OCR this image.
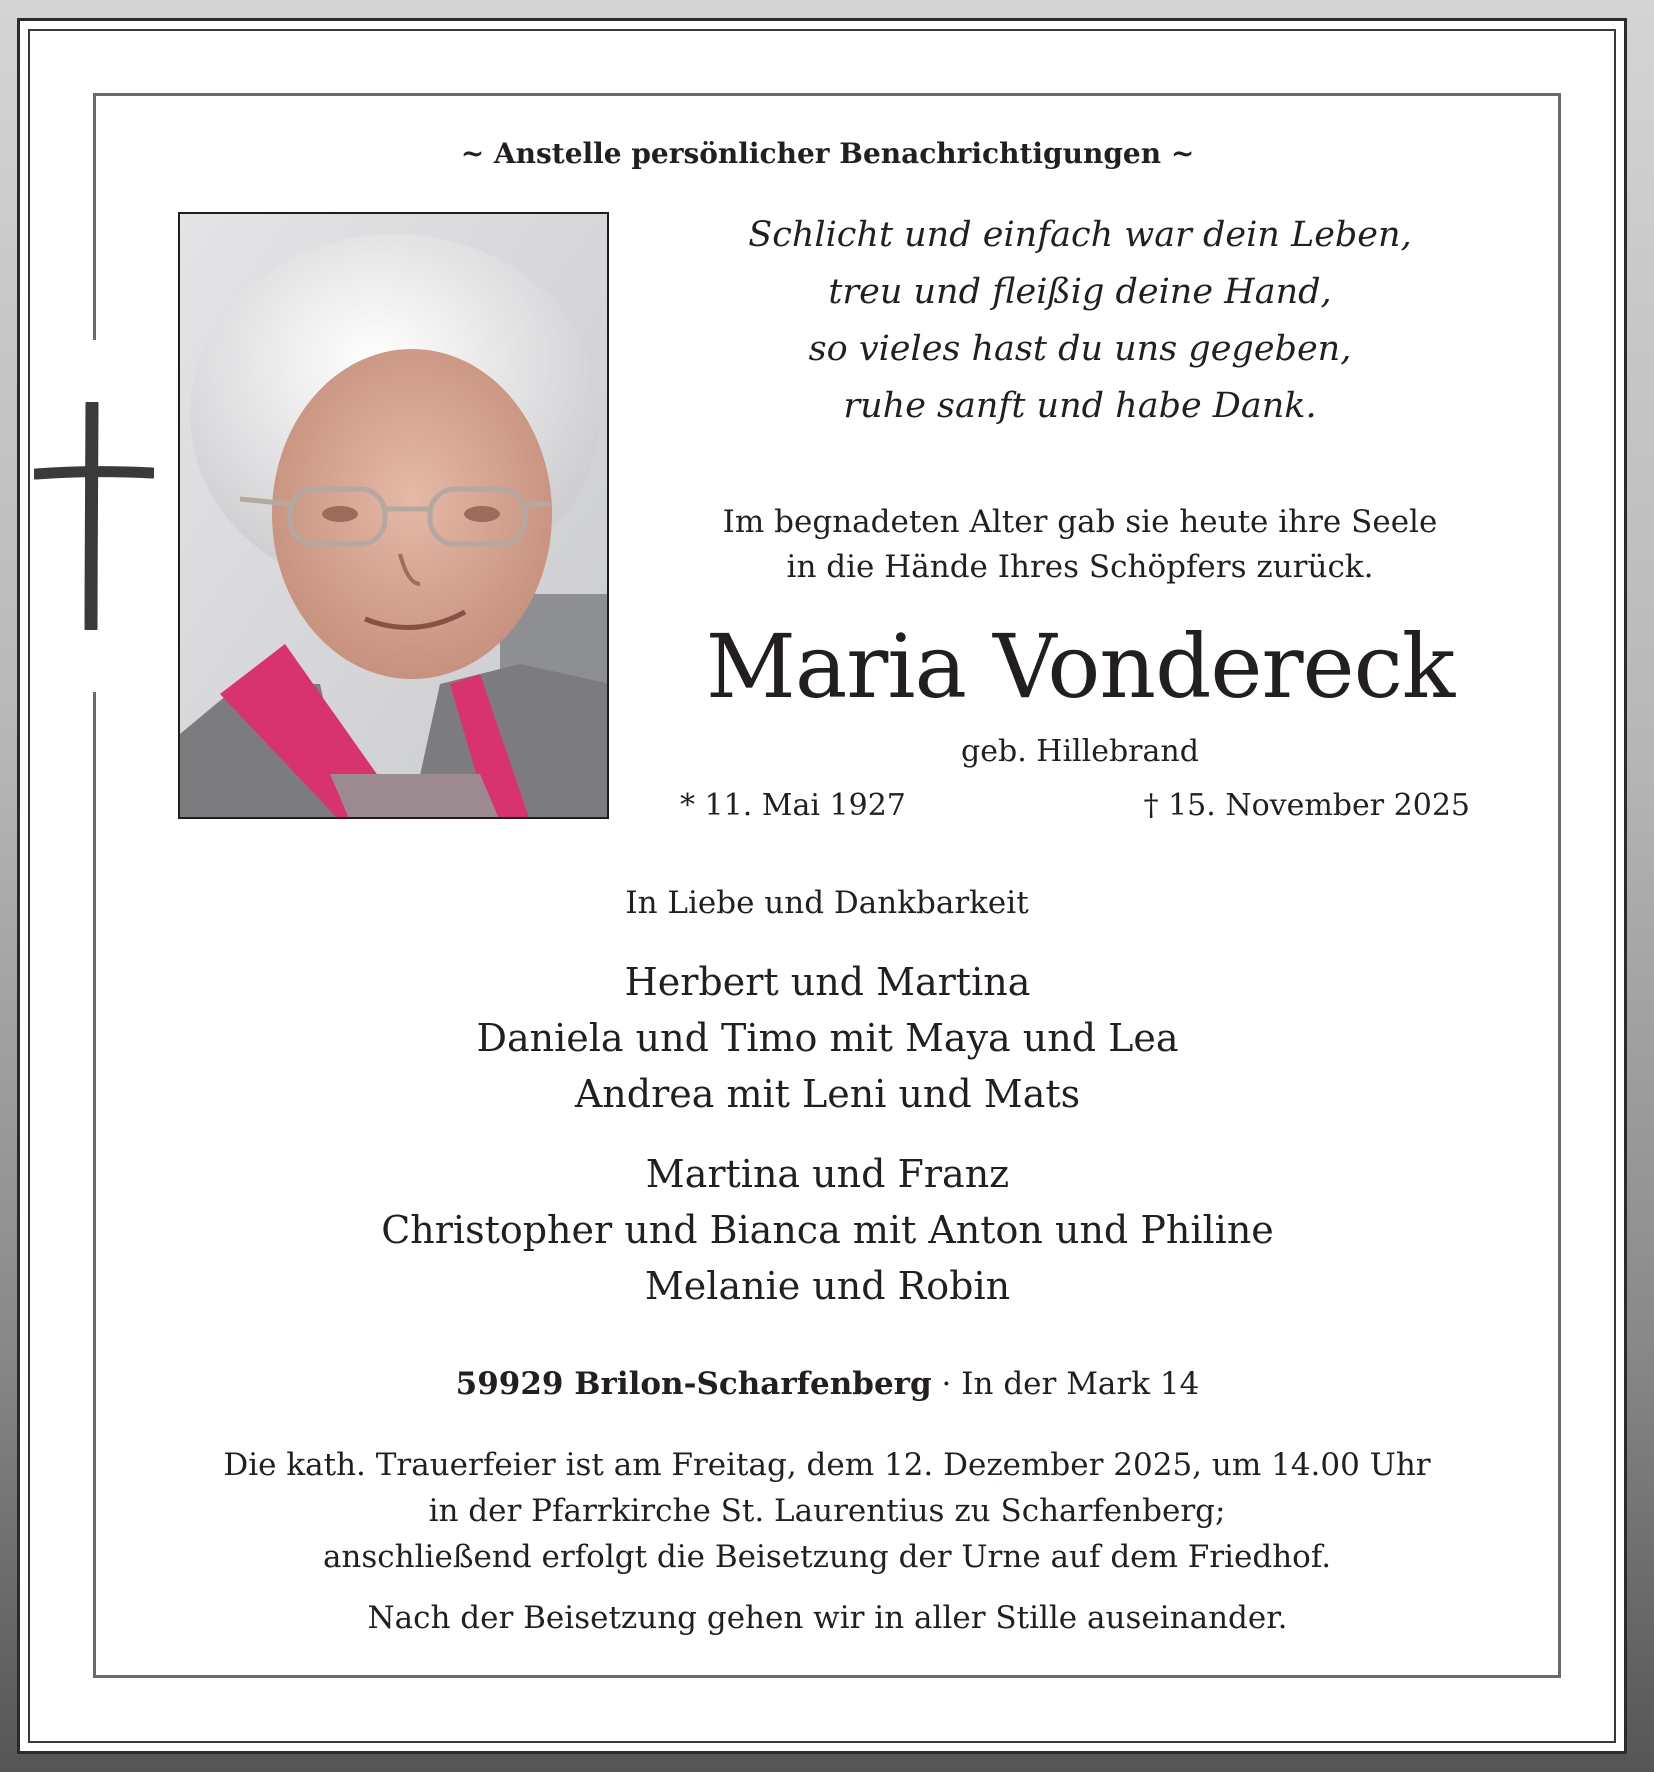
~ Anstelle persönlicher Benachrichtigungen ~
Schlicht und einfach war dein Leben,
treu und fleißig deine Hand,
so vieles hast du uns gegeben,
ruhe sanft und habe Dank.
Im begnadeten Alter gab sie heute ihre Seele
in die Hände Ihres Schöpfers zurück.
Maria Vondereck
geb. Hillebrand
* 11. Mai 1927	† 15. November 2025
In Liebe und Dankbarkeit
Herbert und Martina
Daniela und Timo mit Maya und Lea
Andrea mit Leni und Mats
Martina und Franz
Christopher und Bianca mit Anton und Philine
Melanie und Robin
59929 Brilon-Scharfenberg · In der Mark 14
Die kath. Trauerfeier ist am Freitag, dem 12. Dezember 2025, um 14.00 Uhr
in der Pfarrkirche St. Laurentius zu Scharfenberg;
anschließend erfolgt die Beisetzung der Urne auf dem Friedhof.
Nach der Beisetzung gehen wir in aller Stille auseinander.
